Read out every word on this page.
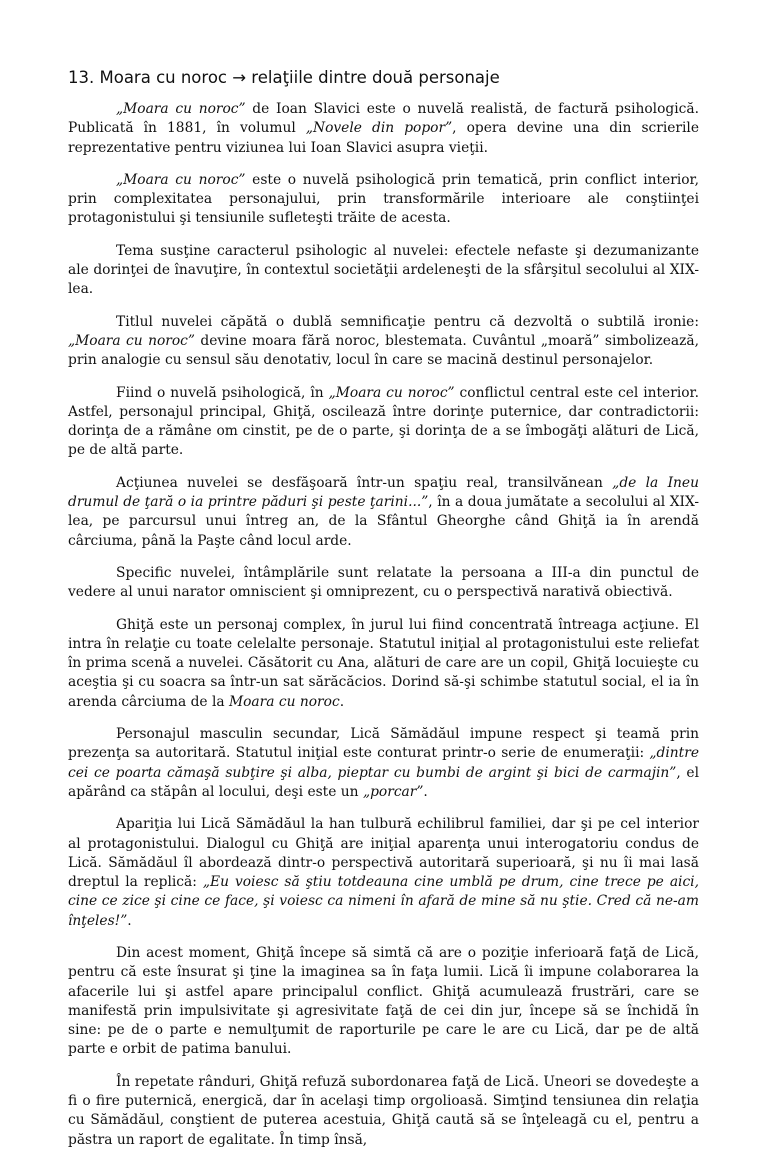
13. Moara cu noroc → relaţiile dintre două personaje

„Moara cu noroc” de Ioan Slavici este o nuvelă realistă, de factură psihologică. Publicată în 1881, în volumul „Novele din popor”, opera devine una din scrierile reprezentative pentru viziunea lui Ioan Slavici asupra vieţii.

„Moara cu noroc” este o nuvelă psihologică prin tematică, prin conflict interior, prin complexitatea personajului, prin transformările interioare ale conştiinţei protagonistului şi tensiunile sufleteşti trăite de acesta.

Tema susţine caracterul psihologic al nuvelei: efectele nefaste şi dezumanizante ale dorinţei de înavuţire, în contextul societăţii ardeleneşti de la sfârşitul secolului al XIX-lea.

Titlul nuvelei căpătă o dublă semnificaţie pentru că dezvoltă o subtilă ironie: „Moara cu noroc” devine moara fără noroc, blestemata. Cuvântul „moară” simbolizează, prin analogie cu sensul său denotativ, locul în care se macină destinul personajelor.

Fiind o nuvelă psihologică, în „Moara cu noroc” conflictul central este cel interior. Astfel, personajul principal, Ghiţă, oscilează între dorinţe puternice, dar contradictorii: dorinţa de a rămâne om cinstit, pe de o parte, şi dorinţa de a se îmbogăţi alături de Lică, pe de altă parte.

Acţiunea nuvelei se desfăşoară într-un spaţiu real, transilvănean „de la Ineu drumul de ţară o ia printre păduri şi peste ţarini...”, în a doua jumătate a secolului al XIX-lea, pe parcursul unui întreg an, de la Sfântul Gheorghe când Ghiţă ia în arendă cârciuma, până la Paşte când locul arde.

Specific nuvelei, întâmplările sunt relatate la persoana a III-a din punctul de vedere al unui narator omniscient şi omniprezent, cu o perspectivă narativă obiectivă.

Ghiţă este un personaj complex, în jurul lui fiind concentrată întreaga acţiune. El intra în relaţie cu toate celelalte personaje. Statutul iniţial al protagonistului este reliefat în prima scenă a nuvelei. Căsătorit cu Ana, alături de care are un copil, Ghiţă locuieşte cu aceştia şi cu soacra sa într-un sat sărăcăcios. Dorind să-şi schimbe statutul social, el ia în arenda cârciuma de la Moara cu noroc.

Personajul masculin secundar, Lică Sămădăul impune respect şi teamă prin prezenţa sa autoritară. Statutul iniţial este conturat printr-o serie de enumeraţii: „dintre cei ce poarta cămaşă subţire şi alba, pieptar cu bumbi de argint şi bici de carmajin”, el apărând ca stăpân al locului, deşi este un „porcar”.

Apariţia lui Lică Sămădăul la han tulbură echilibrul familiei, dar şi pe cel interior al protagonistului. Dialogul cu Ghiţă are iniţial aparenţa unui interogatoriu condus de Lică. Sămădăul îl abordează dintr-o perspectivă autoritară superioară, şi nu îi mai lasă dreptul la replică: „Eu voiesc să ştiu totdeauna cine umblă pe drum, cine trece pe aici, cine ce zice şi cine ce face, şi voiesc ca nimeni în afară de mine să nu ştie. Cred că ne-am înţeles!”.

Din acest moment, Ghiţă începe să simtă că are o poziţie inferioară faţă de Lică, pentru că este însurat şi ţine la imaginea sa în faţa lumii. Lică îi impune colaborarea la afacerile lui şi astfel apare principalul conflict. Ghiţă acumulează frustrări, care se manifestă prin impulsivitate şi agresivitate faţă de cei din jur, începe să se închidă în sine: pe de o parte e nemulţumit de raporturile pe care le are cu Lică, dar pe de altă parte e orbit de patima banului.

În repetate rânduri, Ghiţă refuză subordonarea faţă de Lică. Uneori se dovedeşte a fi o fire puternică, energică, dar în acelaşi timp orgolioasă. Simţind tensiunea din relaţia cu Sămădăul, conştient de puterea acestuia, Ghiţă caută să se înţeleagă cu el, pentru a păstra un raport de egalitate. În timp însă,
